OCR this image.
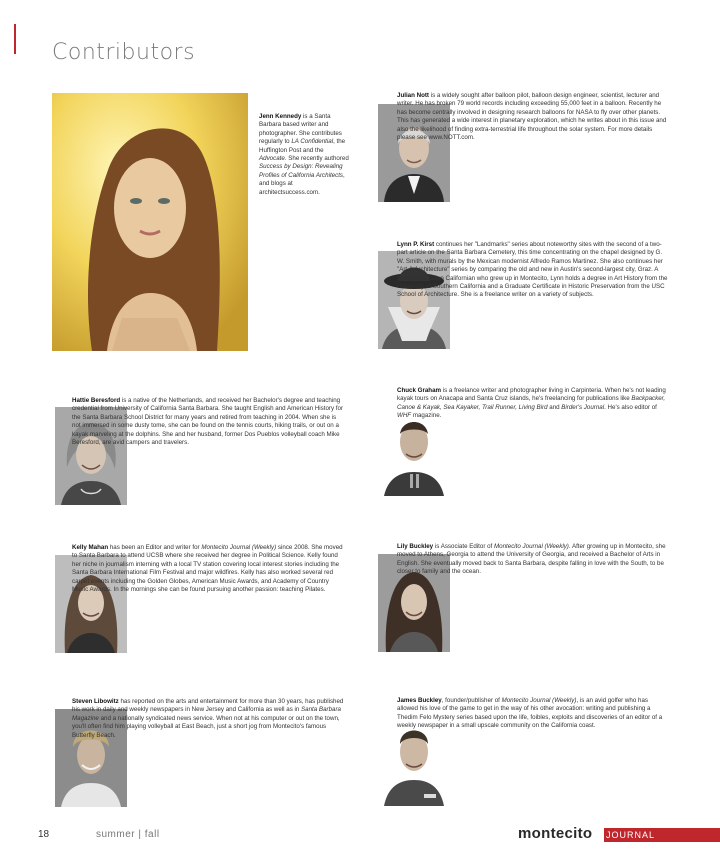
Contributors
Jenn Kennedy is a Santa Barbara based writer and photographer. She contributes regularly to LA Confidential, the Huffington Post and the Advocate. She recently authored Success by Design: Revealing Profiles of California Architects, and blogs at architectsuccess.com.
Julian Nott is a widely sought after balloon pilot, balloon design engineer, scientist, lecturer and writer. He has broken 79 world records including exceeding 55,000 feet in a balloon. Recently he has become centrally involved in designing research balloons for NASA to fly over other planets. This has generated a wide interest in planetary exploration, which he writes about in this issue and also the likelihood of finding extra-terrestrial life throughout the solar system. For more details please see www.NOTT.com.
Lynn P. Kirst continues her "Landmarks" series about noteworthy sites with the second of a two-part article on the Santa Barbara Cemetery, this time concentrating on the chapel designed by G. W. Smith, with murals by the Mexican modernist Alfredo Ramos Martinez. She also continues her "Art & Architecture" series by comparing the old and new in Austin's second-largest city, Graz. A fourth generation Californian who grew up in Montecito, Lynn holds a degree in Art History from the University of Southern California and a Graduate Certificate in Historic Preservation from the USC School of Architecture. She is a freelance writer on a variety of subjects.
Hattie Beresford is a native of the Netherlands, and received her Bachelor's degree and teaching credential from University of California Santa Barbara. She taught English and American History for the Santa Barbara School District for many years and retired from teaching in 2004. When she is not immersed in some dusty tome, she can be found on the tennis courts, hiking trails, or out on a kayak marveling at the dolphins. She and her husband, former Dos Pueblos volleyball coach Mike Beresford, are avid campers and travelers.
Chuck Graham is a freelance writer and photographer living in Carpinteria. When he's not leading kayak tours on Anacapa and Santa Cruz islands, he's freelancing for publications like Backpacker, Canoe & Kayak, Sea Kayaker, Trail Runner, Living Bird and Birder's Journal. He's also editor of WHF magazine.
Kelly Mahan has been an Editor and writer for Montecito Journal (Weekly) since 2008. She moved to Santa Barbara to attend UCSB where she received her degree in Political Science. Kelly found her niche in journalism interning with a local TV station covering local interest stories including the Santa Barbara International Film Festival and major wildfires. Kelly has also worked several red carpet events including the Golden Globes, American Music Awards, and Academy of Country Music Awards. In the mornings she can be found pursuing another passion: teaching Pilates.
Lily Buckley is Associate Editor of Montecito Journal (Weekly). After growing up in Montecito, she moved to Athens, Georgia to attend the University of Georgia, and received a Bachelor of Arts in English. She eventually moved back to Santa Barbara, despite falling in love with the South, to be closer to family and the ocean.
Steven Libowitz has reported on the arts and entertainment for more than 30 years, has published his work in daily and weekly newspapers in New Jersey and California as well as in Santa Barbara Magazine and a nationally syndicated news service. When not at his computer or out on the town, you'll often find him playing volleyball at East Beach, just a short jog from Montecito's famous Butterfly Beach.
James Buckley, founder/publisher of Montecito Journal (Weekly), is an avid golfer who has allowed his love of the game to get in the way of his other avocation: writing and publishing a Thedim Felo Mystery series based upon the life, foibles, exploits and discoveries of an editor of a weekly newspaper in a small upscale community on the California coast.
18	summer | fall	montecito JOURNAL
